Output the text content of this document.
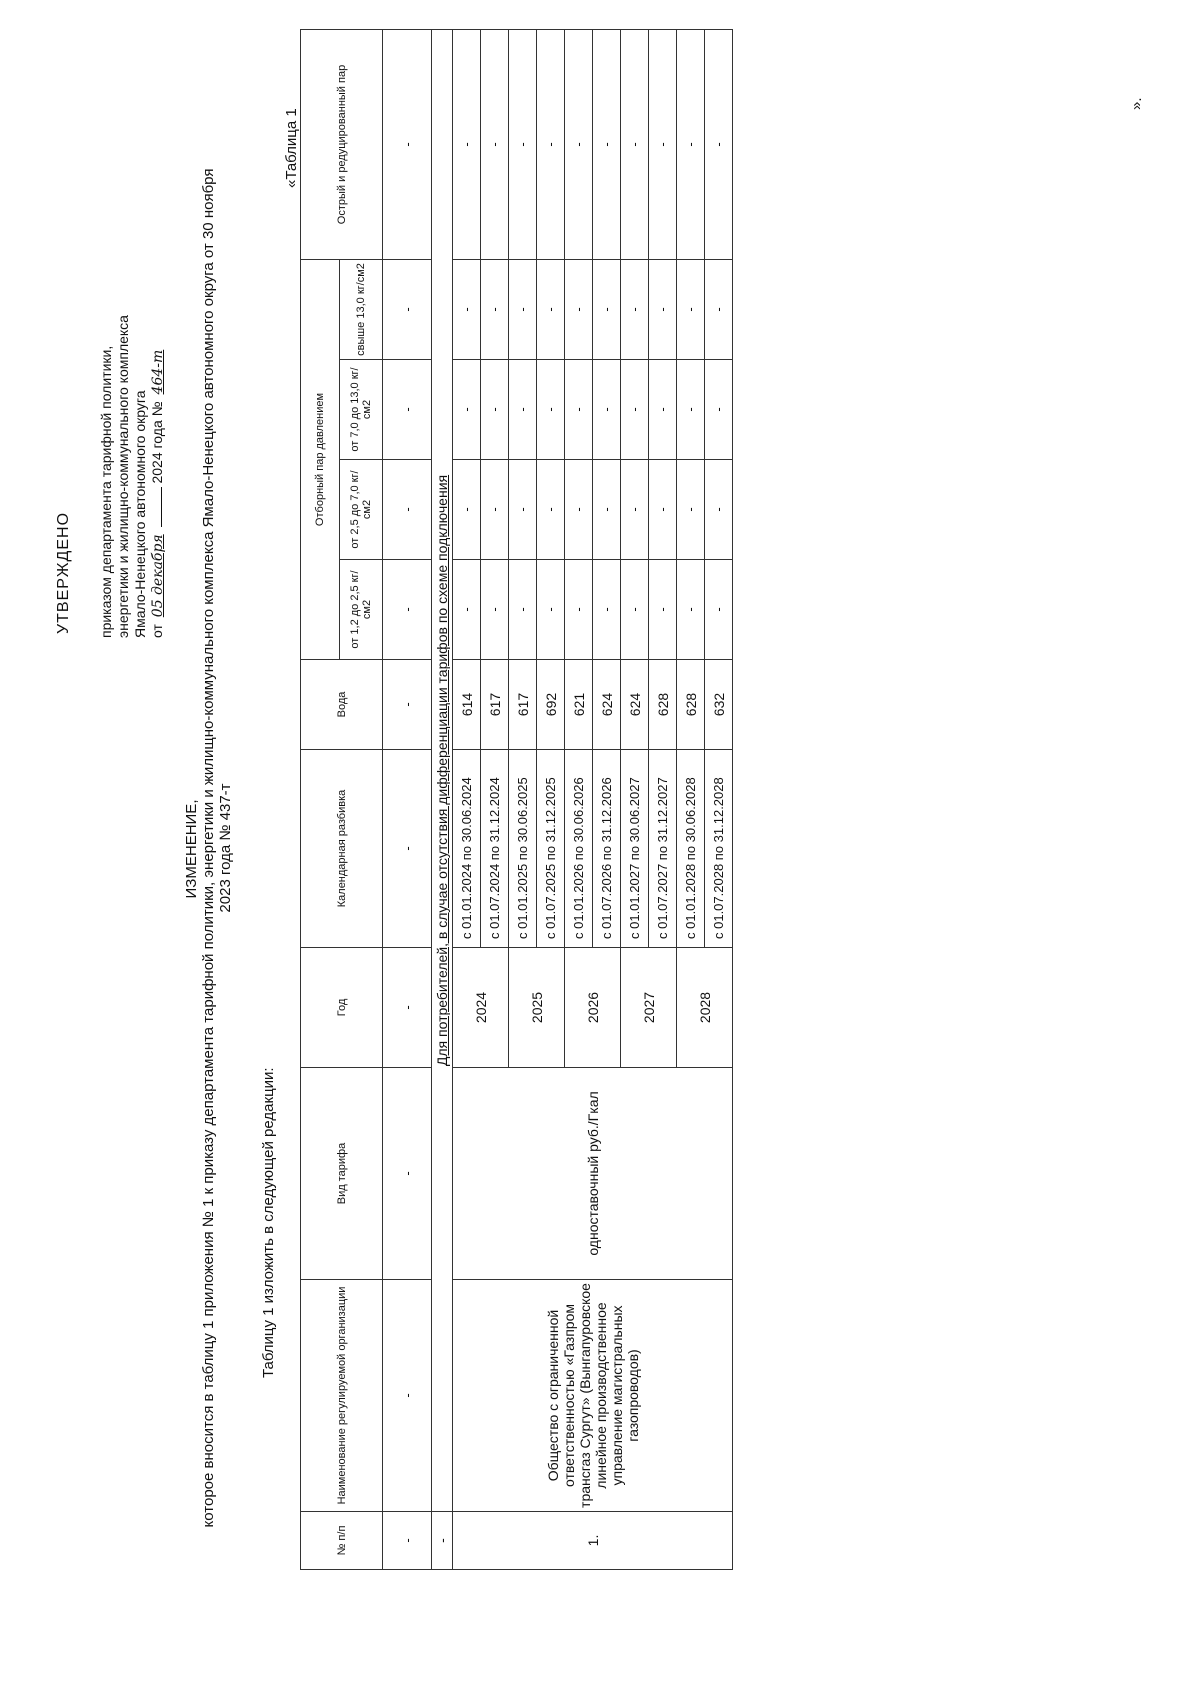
УТВЕРЖДЕНО приказом департамента тарифной политики, энергетики и жилищно-коммунального комплекса Ямало-Ненецкого автономного округа от 05 декабря  2024 года № 464-т
ИЗМЕНЕНИЕ, которое вносится в таблицу 1 приложения № 1 к приказу департамента тарифной политики, энергетики и жилищно-коммунального комплекса Ямало-Ненецкого автономного округа от 30 ноября 2023 года № 437-т
Таблицу 1 изложить в следующей редакции:
«Таблица 1
№ п/п	Наименование регулируемой организации	Вид тарифа	Год	Календарная разбивка	Вода	Отборный пар давлением				Острый и редуцированный пар
						от 1,2 до 2,5 кг/см2	от 2,5 до 7,0 кг/см2	от 7,0 до 13,0 кг/см2	свыше 13,0 кг/см2	
-	-	-	-	-	-	-	-	-	-	-
-	Для потребителей, в случае отсутствия дифференциации тарифов по схеме подключения									
1.	Общество с ограниченной ответственностью «Газпром трансгаз Сургут» (Вынгапуровское линейное производственное управление магистральных газопроводов)	одноставочный руб./Гкал	2024	с 01.01.2024 по 30.06.2024	614	-	-	-	-	-
				с 01.07.2024 по 31.12.2024	617	-	-	-	-	-
			2025	с 01.01.2025 по 30.06.2025	617	-	-	-	-	-
				с 01.07.2025 по 31.12.2025	692	-	-	-	-	-
			2026	с 01.01.2026 по 30.06.2026	621	-	-	-	-	-
				с 01.07.2026 по 31.12.2026	624	-	-	-	-	-
			2027	с 01.01.2027 по 30.06.2027	624	-	-	-	-	-
				с 01.07.2027 по 31.12.2027	628	-	-	-	-	-
			2028	с 01.01.2028 по 30.06.2028	628	-	-	-	-	-
				с 01.07.2028 по 31.12.2028	632	-	-	-	-	-
».
